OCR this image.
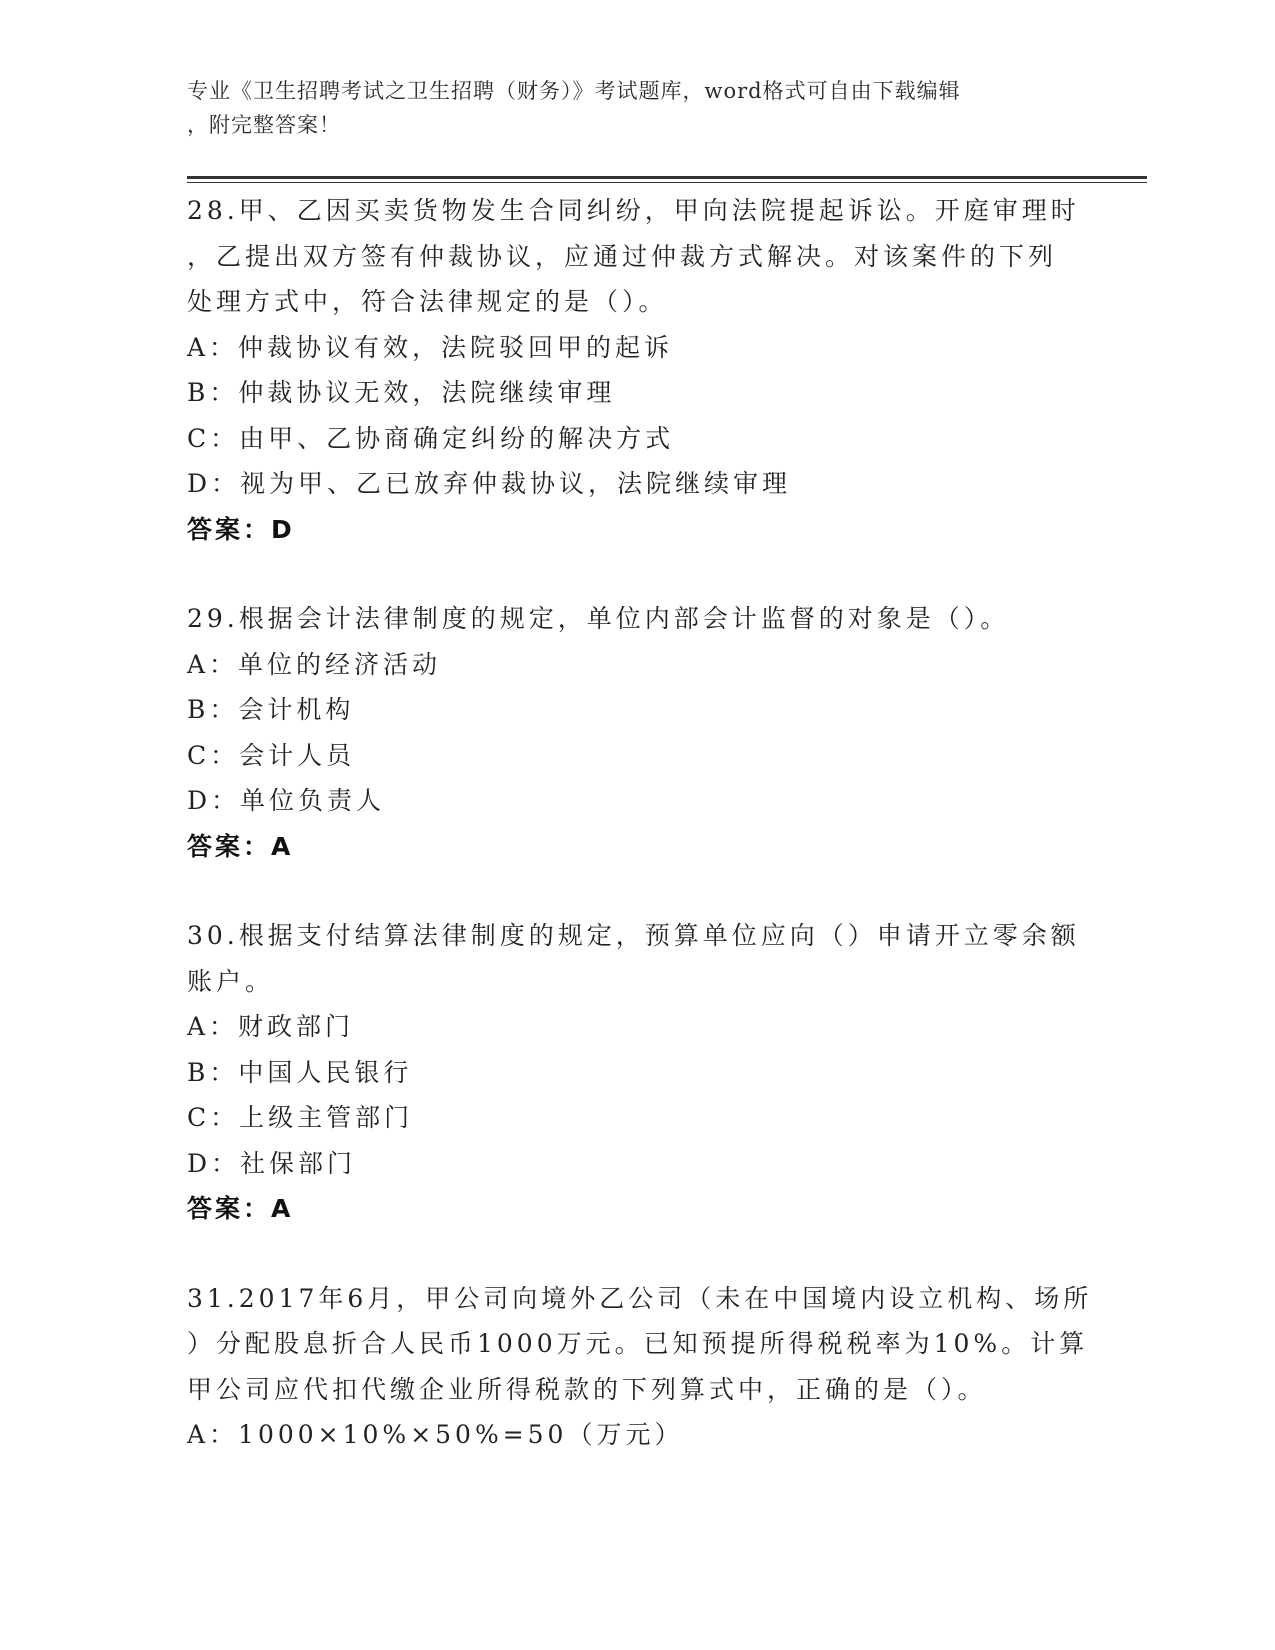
专业《卫生招聘考试之卫生招聘（财务）》考试题库，word格式可自由下载编辑
，附完整答案！
28.甲、乙因买卖货物发生合同纠纷，甲向法院提起诉讼。开庭审理时
，乙提出双方签有仲裁协议，应通过仲裁方式解决。对该案件的下列
处理方式中，符合法律规定的是（）。
A：仲裁协议有效，法院驳回甲的起诉
B：仲裁协议无效，法院继续审理
C：由甲、乙协商确定纠纷的解决方式
D：视为甲、乙已放弃仲裁协议，法院继续审理
答案：D
29.根据会计法律制度的规定，单位内部会计监督的对象是（）。
A：单位的经济活动
B：会计机构
C：会计人员
D：单位负责人
答案：A
30.根据支付结算法律制度的规定，预算单位应向（）申请开立零余额
账户。
A：财政部门
B：中国人民银行
C：上级主管部门
D：社保部门
答案：A
31.2017年6月，甲公司向境外乙公司（未在中国境内设立机构、场所
）分配股息折合人民币1000万元。已知预提所得税税率为10%。计算
甲公司应代扣代缴企业所得税款的下列算式中，正确的是（）。
A：1000×10%×50%=50（万元）
